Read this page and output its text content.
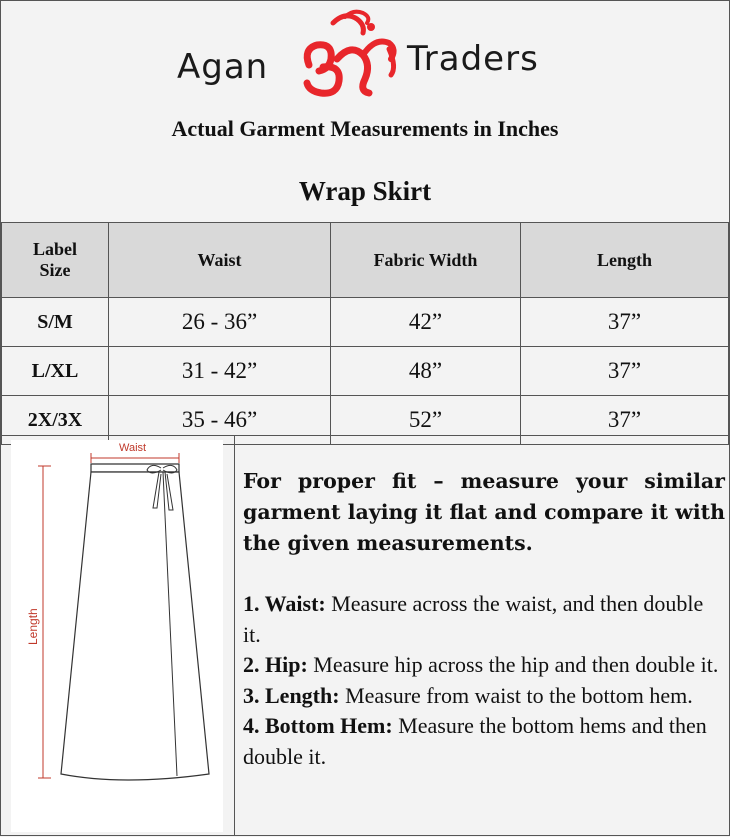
Agan	Traders
Actual Garment Measurements in Inches
Wrap Skirt
Label
Size	Waist	Fabric Width	Length
S/M	26 - 36”	42”	37”
L/XL	31 - 42”	48”	37”
2X/3X	35 - 46”	52”	37”
Waist
Length

For proper fit – measure your similar garment laying it flat and compare it with the given measurements.

1. Waist: Measure across the waist, and then double it.

2. Hip: Measure hip across the hip and then double it.

3. Length: Measure from waist to the bottom hem.

4. Bottom Hem: Measure the bottom hems and then double it.
